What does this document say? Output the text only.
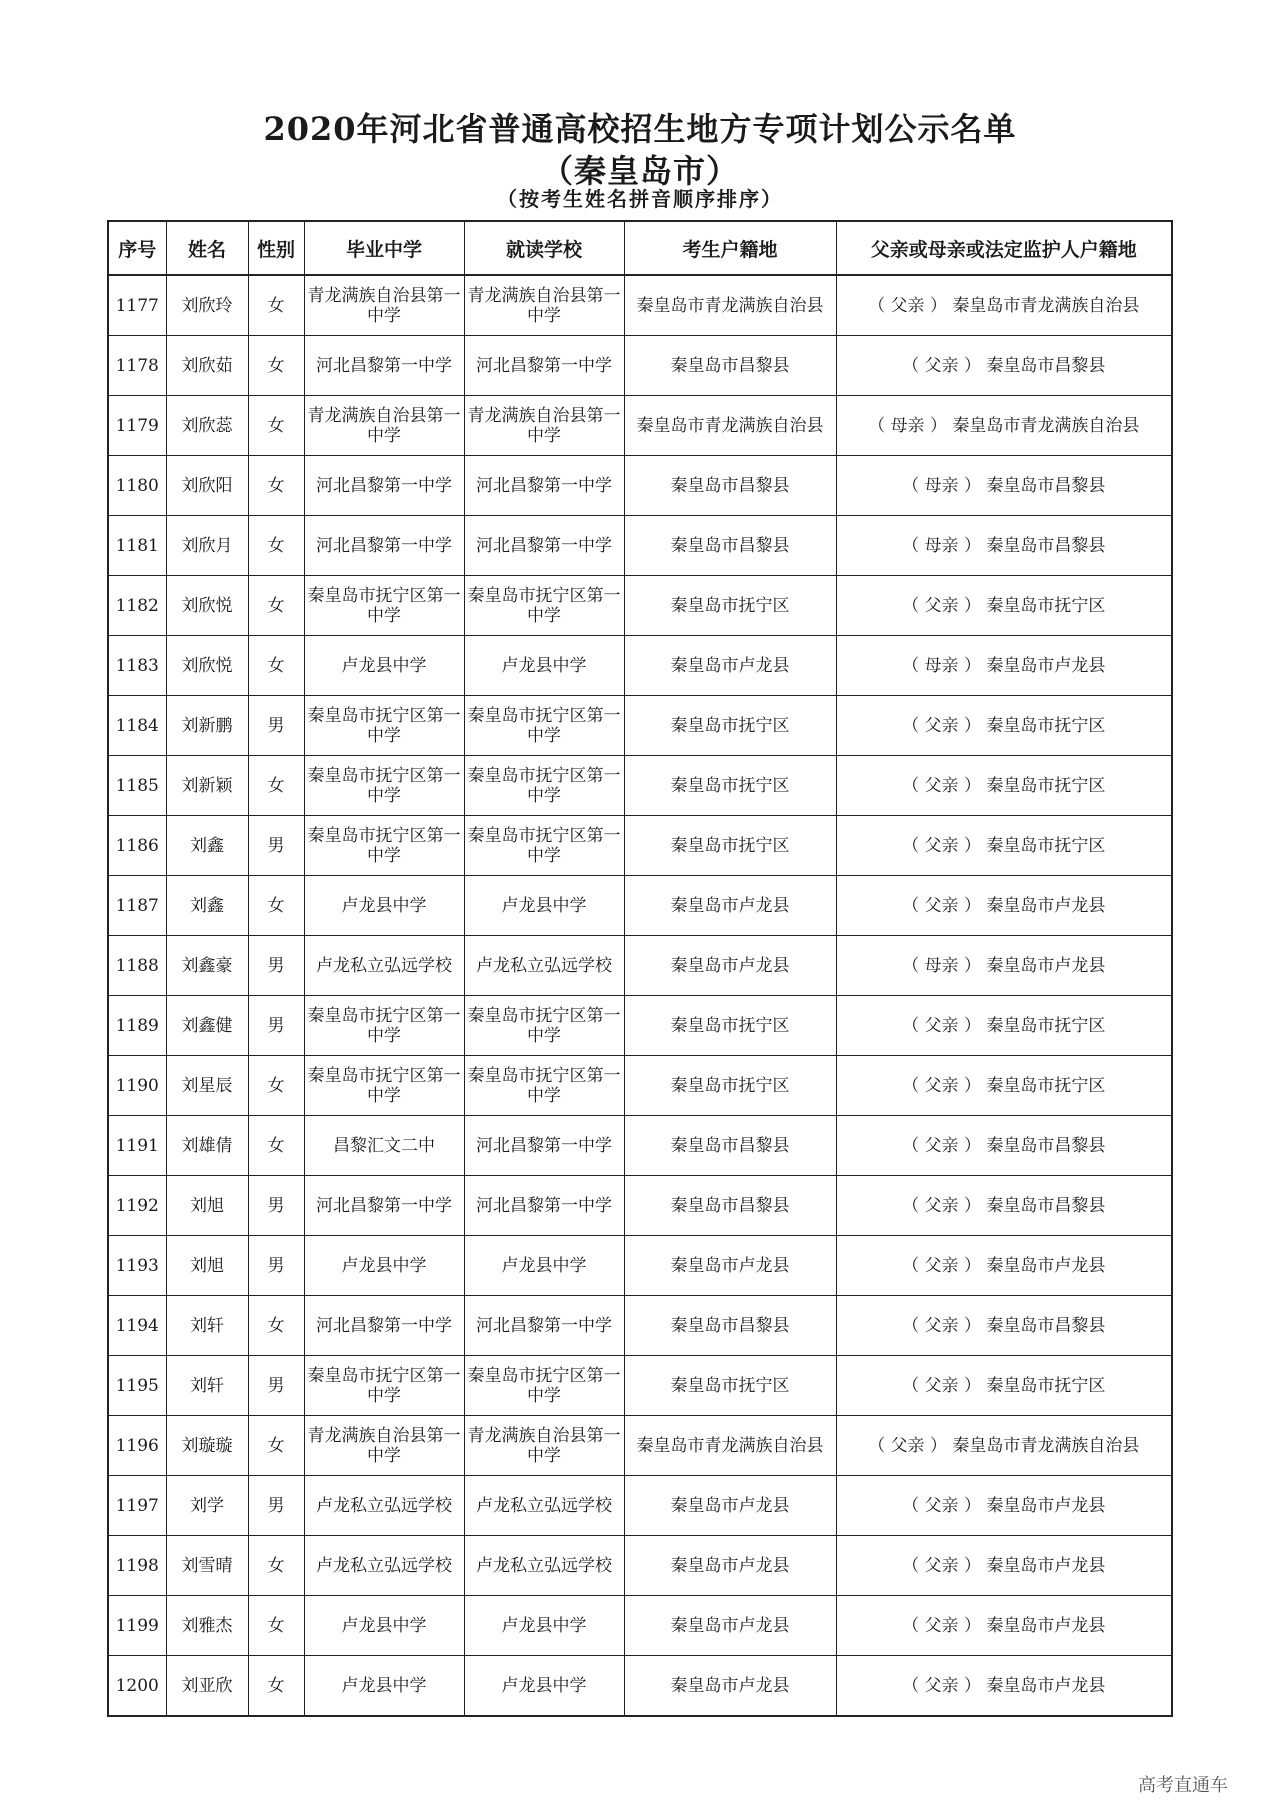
2020年河北省普通高校招生地方专项计划公示名单
（秦皇岛市）
（按考生姓名拼音顺序排序）
序号	姓名	性别	毕业中学	就读学校	考生户籍地	父亲或母亲或法定监护人户籍地
1177	刘欣玲	女	青龙满族自治县第一中学	青龙满族自治县第一中学	秦皇岛市青龙满族自治县	（ 父亲 ） 秦皇岛市青龙满族自治县
1178	刘欣茹	女	河北昌黎第一中学	河北昌黎第一中学	秦皇岛市昌黎县	（ 父亲 ） 秦皇岛市昌黎县
1179	刘欣蕊	女	青龙满族自治县第一中学	青龙满族自治县第一中学	秦皇岛市青龙满族自治县	（ 母亲 ） 秦皇岛市青龙满族自治县
1180	刘欣阳	女	河北昌黎第一中学	河北昌黎第一中学	秦皇岛市昌黎县	（ 母亲 ） 秦皇岛市昌黎县
1181	刘欣月	女	河北昌黎第一中学	河北昌黎第一中学	秦皇岛市昌黎县	（ 母亲 ） 秦皇岛市昌黎县
1182	刘欣悦	女	秦皇岛市抚宁区第一中学	秦皇岛市抚宁区第一中学	秦皇岛市抚宁区	（ 父亲 ） 秦皇岛市抚宁区
1183	刘欣悦	女	卢龙县中学	卢龙县中学	秦皇岛市卢龙县	（ 母亲 ） 秦皇岛市卢龙县
1184	刘新鹏	男	秦皇岛市抚宁区第一中学	秦皇岛市抚宁区第一中学	秦皇岛市抚宁区	（ 父亲 ） 秦皇岛市抚宁区
1185	刘新颖	女	秦皇岛市抚宁区第一中学	秦皇岛市抚宁区第一中学	秦皇岛市抚宁区	（ 父亲 ） 秦皇岛市抚宁区
1186	刘鑫	男	秦皇岛市抚宁区第一中学	秦皇岛市抚宁区第一中学	秦皇岛市抚宁区	（ 父亲 ） 秦皇岛市抚宁区
1187	刘鑫	女	卢龙县中学	卢龙县中学	秦皇岛市卢龙县	（ 父亲 ） 秦皇岛市卢龙县
1188	刘鑫豪	男	卢龙私立弘远学校	卢龙私立弘远学校	秦皇岛市卢龙县	（ 母亲 ） 秦皇岛市卢龙县
1189	刘鑫健	男	秦皇岛市抚宁区第一中学	秦皇岛市抚宁区第一中学	秦皇岛市抚宁区	（ 父亲 ） 秦皇岛市抚宁区
1190	刘星辰	女	秦皇岛市抚宁区第一中学	秦皇岛市抚宁区第一中学	秦皇岛市抚宁区	（ 父亲 ） 秦皇岛市抚宁区
1191	刘雄倩	女	昌黎汇文二中	河北昌黎第一中学	秦皇岛市昌黎县	（ 父亲 ） 秦皇岛市昌黎县
1192	刘旭	男	河北昌黎第一中学	河北昌黎第一中学	秦皇岛市昌黎县	（ 父亲 ） 秦皇岛市昌黎县
1193	刘旭	男	卢龙县中学	卢龙县中学	秦皇岛市卢龙县	（ 父亲 ） 秦皇岛市卢龙县
1194	刘轩	女	河北昌黎第一中学	河北昌黎第一中学	秦皇岛市昌黎县	（ 父亲 ） 秦皇岛市昌黎县
1195	刘轩	男	秦皇岛市抚宁区第一中学	秦皇岛市抚宁区第一中学	秦皇岛市抚宁区	（ 父亲 ） 秦皇岛市抚宁区
1196	刘璇璇	女	青龙满族自治县第一中学	青龙满族自治县第一中学	秦皇岛市青龙满族自治县	（ 父亲 ） 秦皇岛市青龙满族自治县
1197	刘学	男	卢龙私立弘远学校	卢龙私立弘远学校	秦皇岛市卢龙县	（ 父亲 ） 秦皇岛市卢龙县
1198	刘雪晴	女	卢龙私立弘远学校	卢龙私立弘远学校	秦皇岛市卢龙县	（ 父亲 ） 秦皇岛市卢龙县
1199	刘雅杰	女	卢龙县中学	卢龙县中学	秦皇岛市卢龙县	（ 父亲 ） 秦皇岛市卢龙县
1200	刘亚欣	女	卢龙县中学	卢龙县中学	秦皇岛市卢龙县	（ 父亲 ） 秦皇岛市卢龙县
高考直通车
